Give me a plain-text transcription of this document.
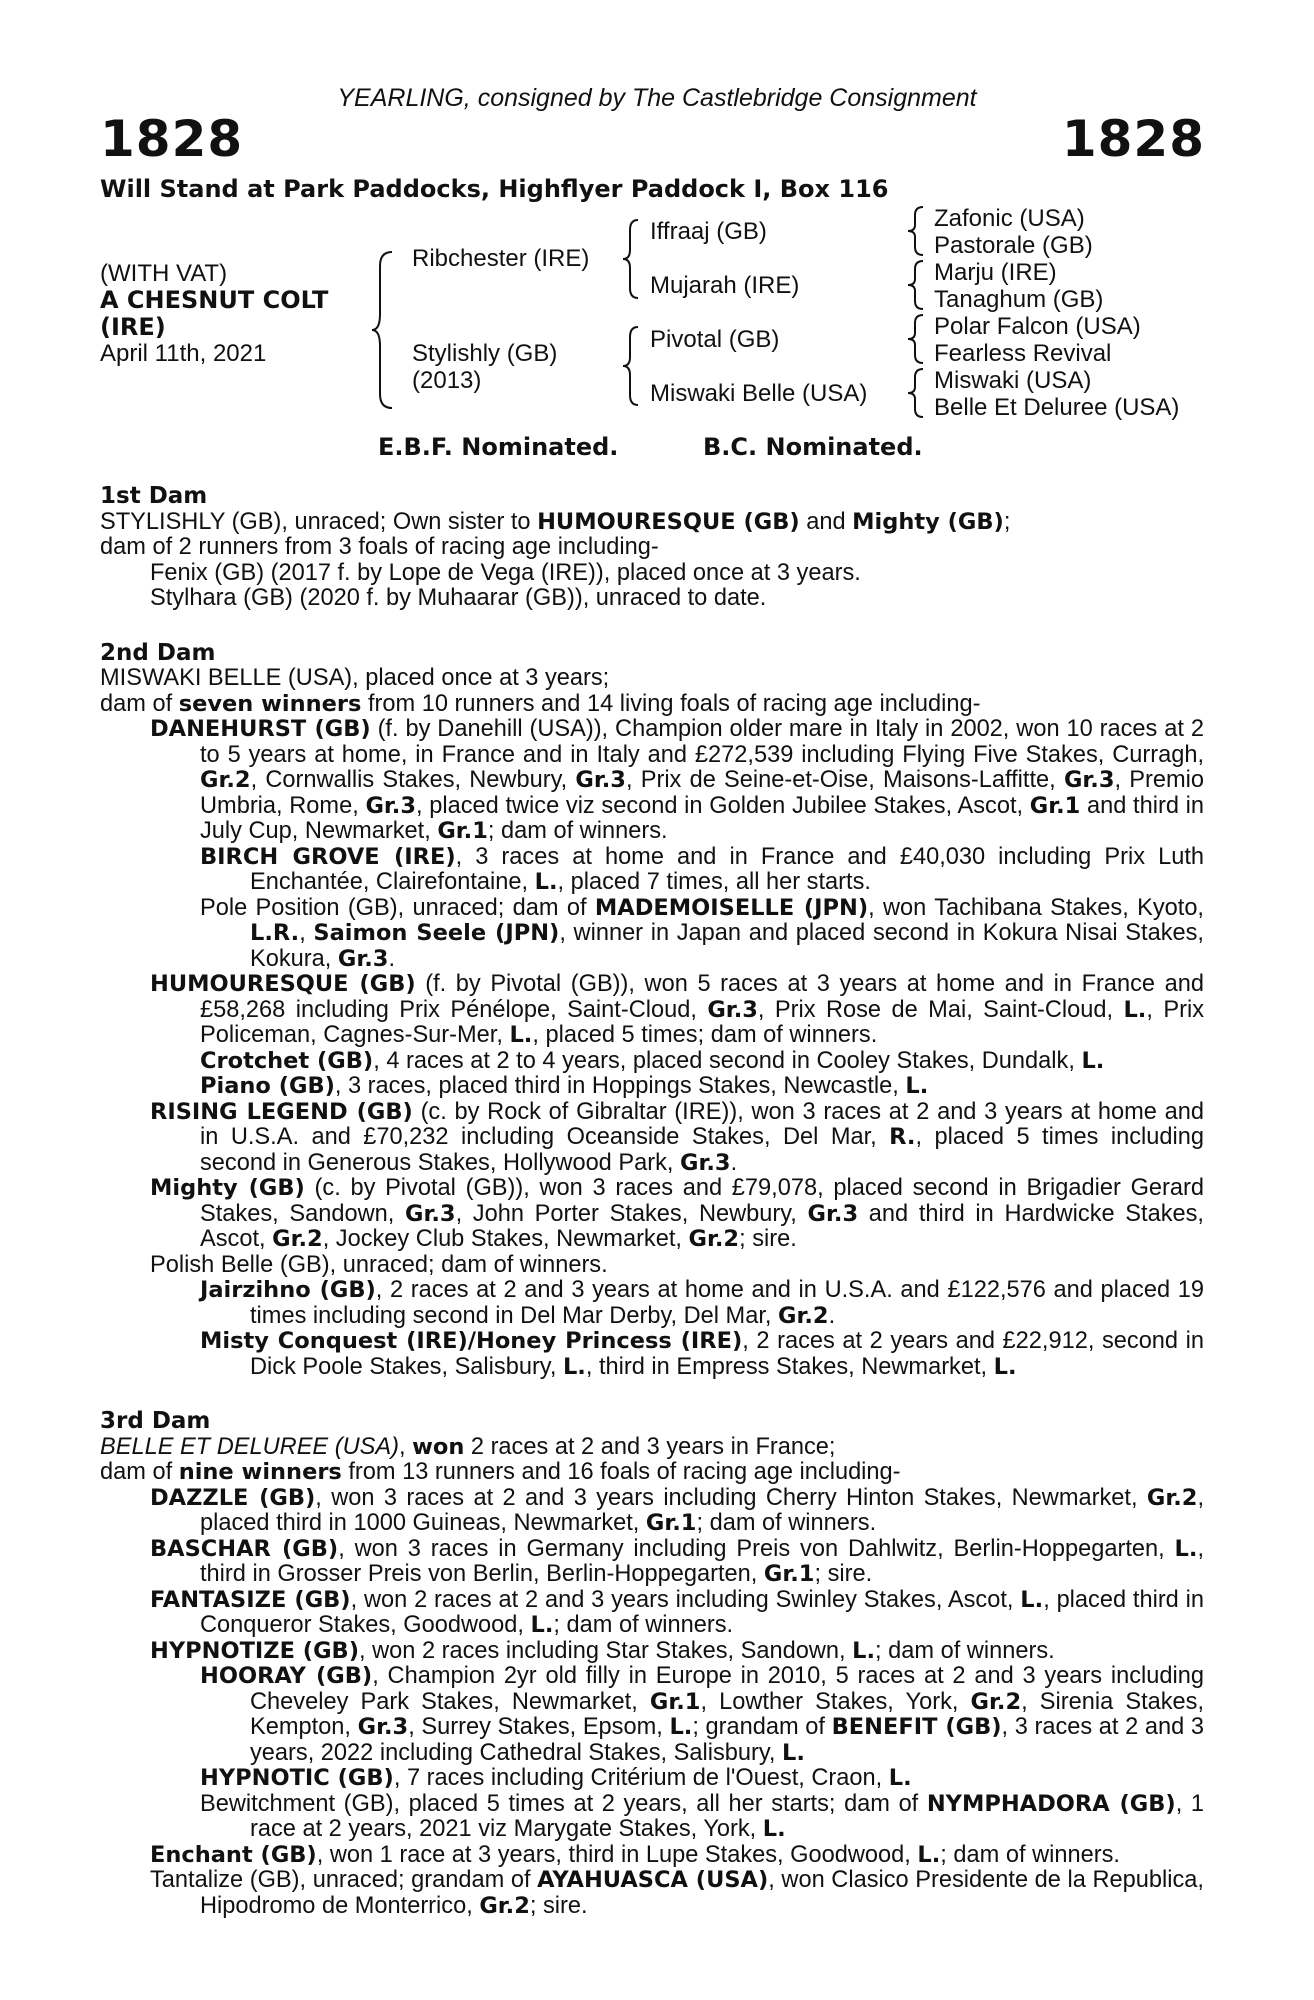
YEARLING, consigned by The Castlebridge Consignment
1828	1828
Will Stand at Park Paddocks, Highflyer Paddock I, Box 116
(WITH VAT)
A CHESNUT COLT
(IRE)
April 11th, 2021
Ribchester (IRE)
Stylishly (GB)
(2013)
Iffraaj (GB)
Mujarah (IRE)
Pivotal (GB)
Miswaki Belle (USA)
Zafonic (USA)
Pastorale (GB)
Marju (IRE)
Tanaghum (GB)
Polar Falcon (USA)
Fearless Revival
Miswaki (USA)
Belle Et Deluree (USA)
E.B.F. Nominated.	B.C. Nominated.
1st Dam
STYLISHLY (GB), unraced; Own sister to HUMOURESQUE (GB) and Mighty (GB);
dam of 2 runners from 3 foals of racing age including-
Fenix (GB) (2017 f. by Lope de Vega (IRE)), placed once at 3 years.
Stylhara (GB) (2020 f. by Muhaarar (GB)), unraced to date.
2nd Dam
MISWAKI BELLE (USA), placed once at 3 years;
dam of seven winners from 10 runners and 14 living foals of racing age including-
DANEHURST (GB) (f. by Danehill (USA)), Champion older mare in Italy in 2002, won 10 races at 2 to 5 years at home, in France and in Italy and £272,539 including Flying Five Stakes, Curragh, Gr.2, Cornwallis Stakes, Newbury, Gr.3, Prix de Seine-et-Oise, Maisons-Laffitte, Gr.3, Premio Umbria, Rome, Gr.3, placed twice viz second in Golden Jubilee Stakes, Ascot, Gr.1 and third in July Cup, Newmarket, Gr.1; dam of winners.
BIRCH GROVE (IRE), 3 races at home and in France and £40,030 including Prix Luth Enchantée, Clairefontaine, L., placed 7 times, all her starts.
Pole Position (GB), unraced; dam of MADEMOISELLE (JPN), won Tachibana Stakes, Kyoto, L.R., Saimon Seele (JPN), winner in Japan and placed second in Kokura Nisai Stakes, Kokura, Gr.3.
HUMOURESQUE (GB) (f. by Pivotal (GB)), won 5 races at 3 years at home and in France and £58,268 including Prix Pénélope, Saint-Cloud, Gr.3, Prix Rose de Mai, Saint-Cloud, L., Prix Policeman, Cagnes-Sur-Mer, L., placed 5 times; dam of winners.
Crotchet (GB), 4 races at 2 to 4 years, placed second in Cooley Stakes, Dundalk, L.
Piano (GB), 3 races, placed third in Hoppings Stakes, Newcastle, L.
RISING LEGEND (GB) (c. by Rock of Gibraltar (IRE)), won 3 races at 2 and 3 years at home and in U.S.A. and £70,232 including Oceanside Stakes, Del Mar, R., placed 5 times including second in Generous Stakes, Hollywood Park, Gr.3.
Mighty (GB) (c. by Pivotal (GB)), won 3 races and £79,078, placed second in Brigadier Gerard Stakes, Sandown, Gr.3, John Porter Stakes, Newbury, Gr.3 and third in Hardwicke Stakes, Ascot, Gr.2, Jockey Club Stakes, Newmarket, Gr.2; sire.
Polish Belle (GB), unraced; dam of winners.
Jairzihno (GB), 2 races at 2 and 3 years at home and in U.S.A. and £122,576 and placed 19 times including second in Del Mar Derby, Del Mar, Gr.2.
Misty Conquest (IRE)/Honey Princess (IRE), 2 races at 2 years and £22,912, second in Dick Poole Stakes, Salisbury, L., third in Empress Stakes, Newmarket, L.
3rd Dam
BELLE ET DELUREE (USA), won 2 races at 2 and 3 years in France;
dam of nine winners from 13 runners and 16 foals of racing age including-
DAZZLE (GB), won 3 races at 2 and 3 years including Cherry Hinton Stakes, Newmarket, Gr.2, placed third in 1000 Guineas, Newmarket, Gr.1; dam of winners.
BASCHAR (GB), won 3 races in Germany including Preis von Dahlwitz, Berlin-Hoppegarten, L., third in Grosser Preis von Berlin, Berlin-Hoppegarten, Gr.1; sire.
FANTASIZE (GB), won 2 races at 2 and 3 years including Swinley Stakes, Ascot, L., placed third in Conqueror Stakes, Goodwood, L.; dam of winners.
HYPNOTIZE (GB), won 2 races including Star Stakes, Sandown, L.; dam of winners.
HOORAY (GB), Champion 2yr old filly in Europe in 2010, 5 races at 2 and 3 years including Cheveley Park Stakes, Newmarket, Gr.1, Lowther Stakes, York, Gr.2, Sirenia Stakes, Kempton, Gr.3, Surrey Stakes, Epsom, L.; grandam of BENEFIT (GB), 3 races at 2 and 3 years, 2022 including Cathedral Stakes, Salisbury, L.
HYPNOTIC (GB), 7 races including Critérium de l'Ouest, Craon, L.
Bewitchment (GB), placed 5 times at 2 years, all her starts; dam of NYMPHADORA (GB), 1 race at 2 years, 2021 viz Marygate Stakes, York, L.
Enchant (GB), won 1 race at 3 years, third in Lupe Stakes, Goodwood, L.; dam of winners.
Tantalize (GB), unraced; grandam of AYAHUASCA (USA), won Clasico Presidente de la Republica, Hipodromo de Monterrico, Gr.2; sire.
